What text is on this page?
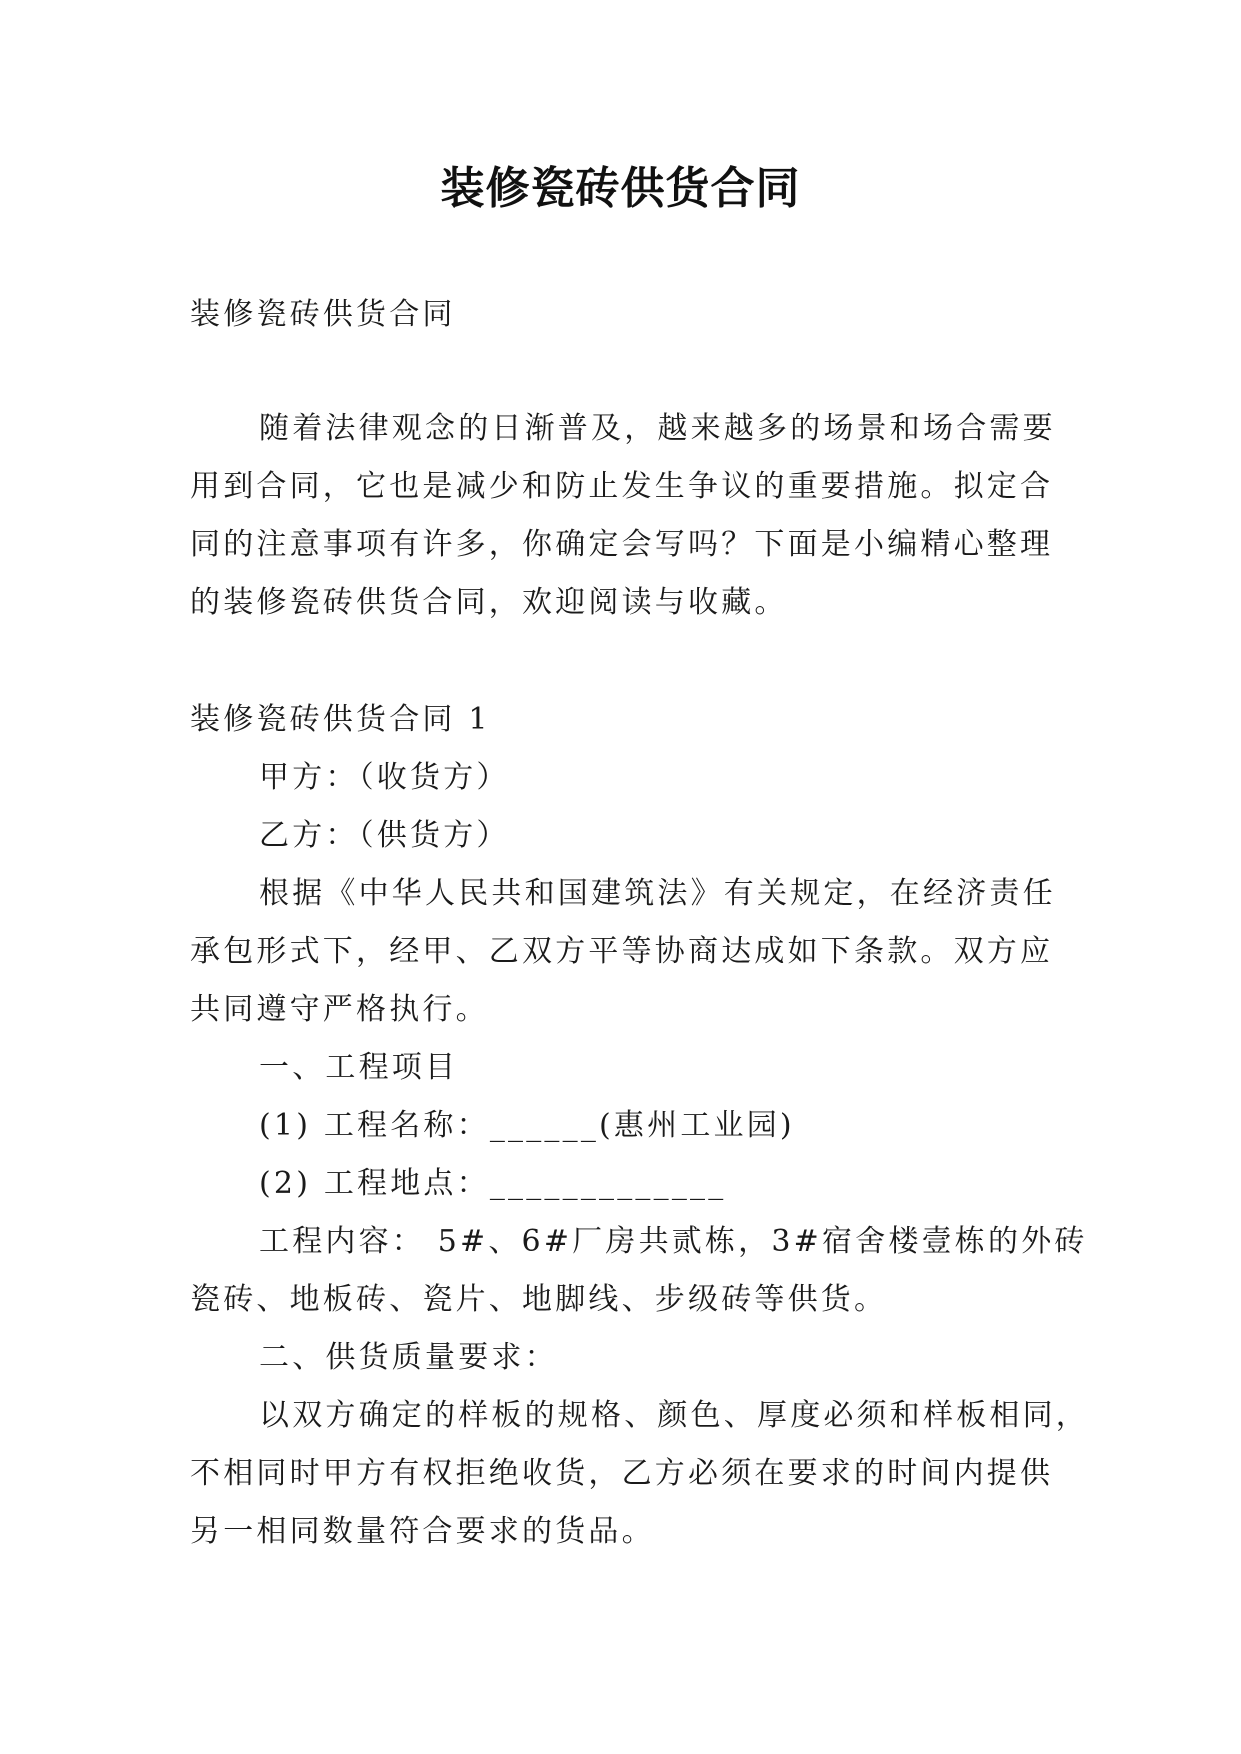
装修瓷砖供货合同
装修瓷砖供货合同
随着法律观念的日渐普及，越来越多的场景和场合需要
用到合同，它也是减少和防止发生争议的重要措施。拟定合
同的注意事项有许多，你确定会写吗？下面是小编精心整理
的装修瓷砖供货合同，欢迎阅读与收藏。
装修瓷砖供货合同 1
甲方：（收货方）
乙方：（供货方）
根据《中华人民共和国建筑法》有关规定，在经济责任
承包形式下，经甲、乙双方平等协商达成如下条款。双方应
共同遵守严格执行。
一、工程项目
(1) 工程名称：______(惠州工业园)
(2) 工程地点：_____________
工程内容： 5#、6#厂房共贰栋，3#宿舍楼壹栋的外砖
瓷砖、地板砖、瓷片、地脚线、步级砖等供货。
二、供货质量要求：
以双方确定的样板的规格、颜色、厚度必须和样板相同，
不相同时甲方有权拒绝收货，乙方必须在要求的时间内提供
另一相同数量符合要求的货品。
